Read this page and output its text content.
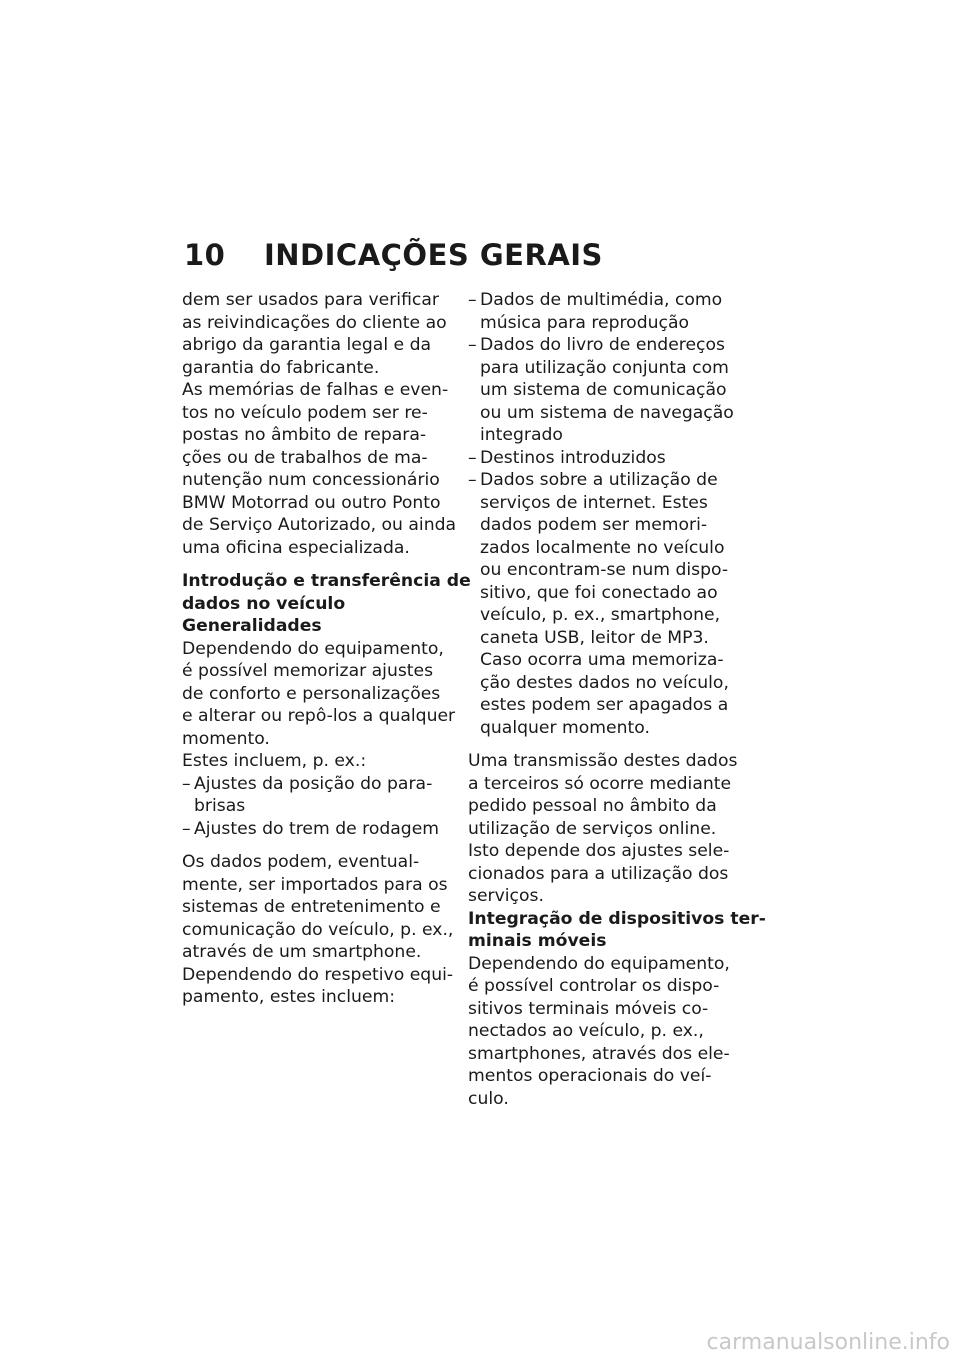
10 INDICAÇÕES GERAIS
dem ser usados para verificar
as reivindicações do cliente ao
abrigo da garantia legal e da
garantia do fabricante.
As memórias de falhas e even-
tos no veículo podem ser re-
postas no âmbito de repara-
ções ou de trabalhos de ma-
nutenção num concessionário
BMW Motorrad ou outro Ponto
de Serviço Autorizado, ou ainda
uma oficina especializada.
Introdução e transferência de
dados no veículo
Generalidades
Dependendo do equipamento,
é possível memorizar ajustes
de conforto e personalizações
e alterar ou repô-los a qualquer
momento.
Estes incluem, p. ex.:
– Ajustes da posição do para-
brisas
– Ajustes do trem de rodagem
Os dados podem, eventual-
mente, ser importados para os
sistemas de entretenimento e
comunicação do veículo, p. ex.,
através de um smartphone.
Dependendo do respetivo equi-
pamento, estes incluem:
– Dados de multimédia, como
música para reprodução
– Dados do livro de endereços
para utilização conjunta com
um sistema de comunicação
ou um sistema de navegação
integrado
– Destinos introduzidos
– Dados sobre a utilização de
serviços de internet. Estes
dados podem ser memori-
zados localmente no veículo
ou encontram-se num dispo-
sitivo, que foi conectado ao
veículo, p. ex., smartphone,
caneta USB, leitor de MP3.
Caso ocorra uma memoriza-
ção destes dados no veículo,
estes podem ser apagados a
qualquer momento.
Uma transmissão destes dados
a terceiros só ocorre mediante
pedido pessoal no âmbito da
utilização de serviços online.
Isto depende dos ajustes sele-
cionados para a utilização dos
serviços.
Integração de dispositivos ter-
minais móveis
Dependendo do equipamento,
é possível controlar os dispo-
sitivos terminais móveis co-
nectados ao veículo, p. ex.,
smartphones, através dos ele-
mentos operacionais do veí-
culo.
carmanualsonline.info
